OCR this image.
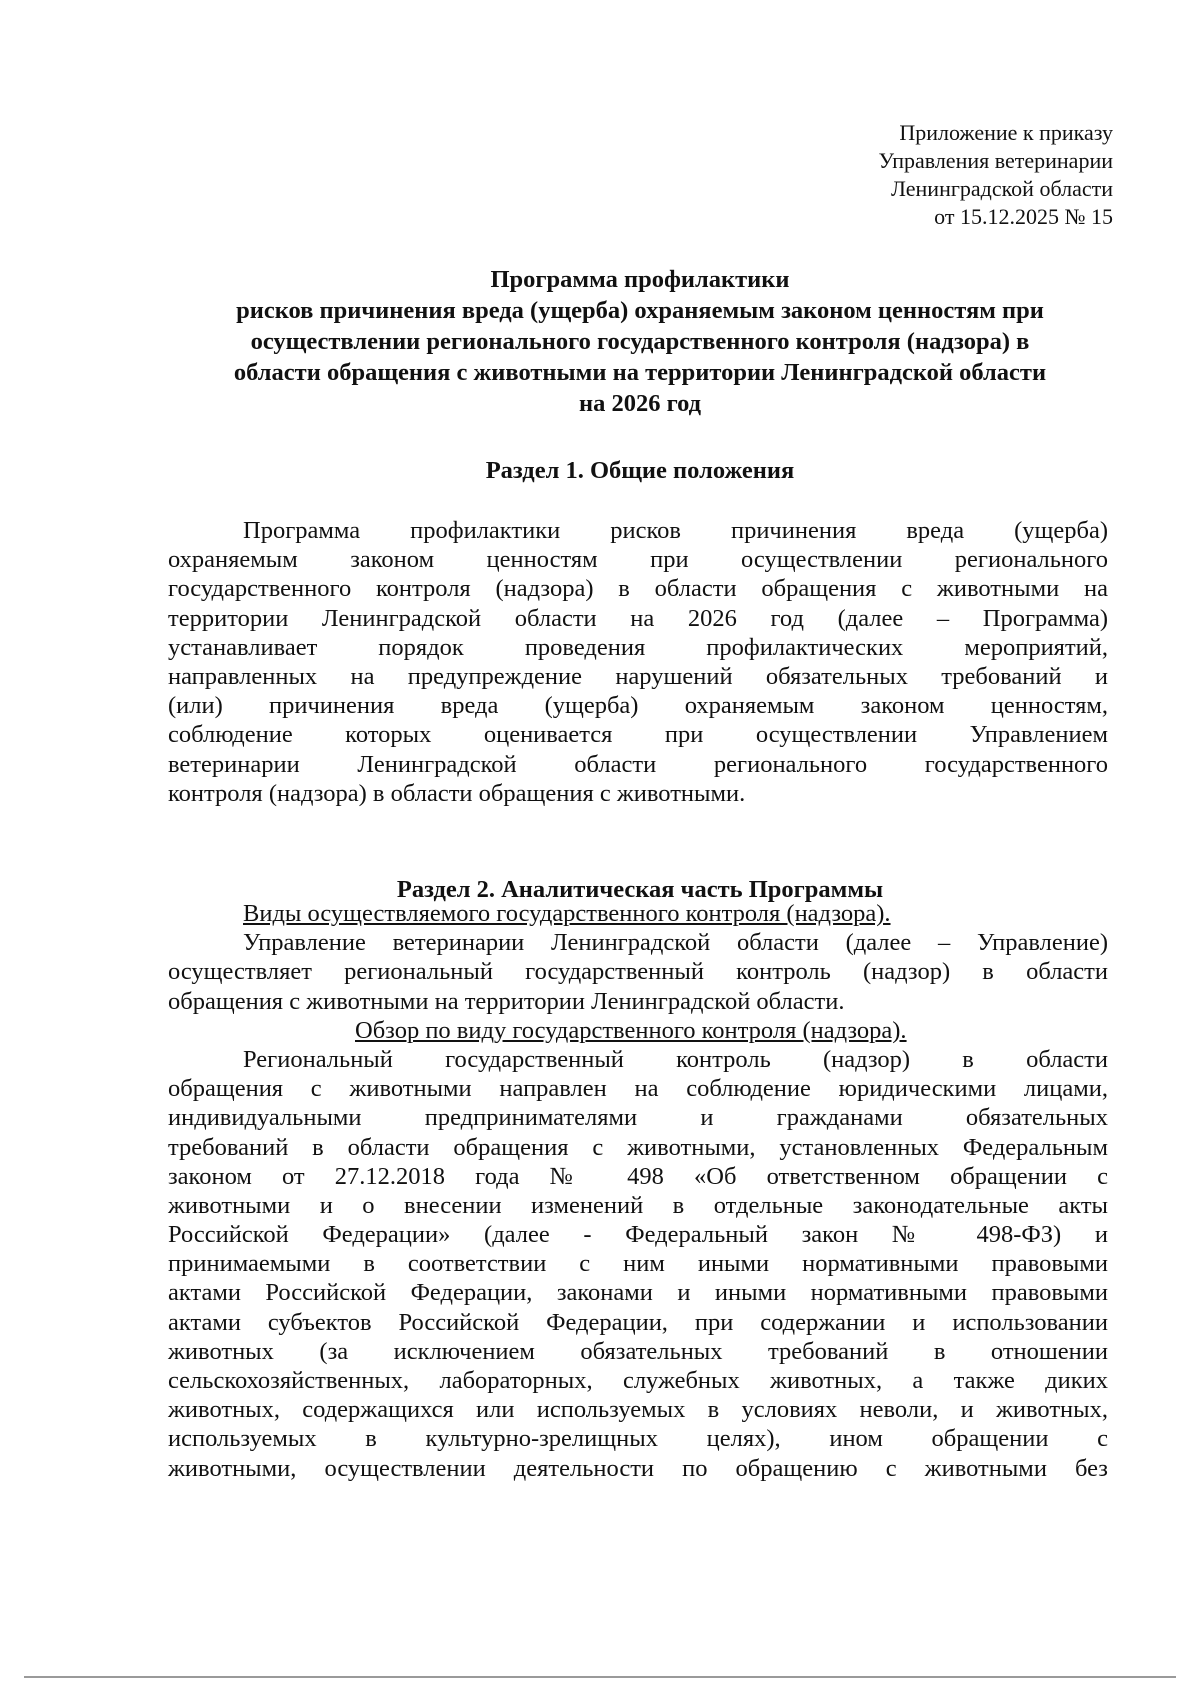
Приложение к приказу
Управления ветеринарии
Ленинградской области
от 15.12.2025 № 15
Программа профилактики
рисков причинения вреда (ущерба) охраняемым законом ценностям при
осуществлении регионального государственного контроля (надзора) в
области обращения с животными на территории Ленинградской области
на 2026 год
Раздел 1. Общие положения
Программа профилактики рисков причинения вреда (ущерба)
охраняемым законом ценностям при осуществлении регионального
государственного контроля (надзора) в области обращения с животными на
территории Ленинградской области на 2026 год (далее – Программа)
устанавливает порядок проведения профилактических мероприятий,
направленных на предупреждение нарушений обязательных требований и
(или) причинения вреда (ущерба) охраняемым законом ценностям,
соблюдение которых оценивается при осуществлении Управлением
ветеринарии Ленинградской области регионального государственного
контроля (надзора) в области обращения с животными.
Раздел 2. Аналитическая часть Программы
Виды осуществляемого государственного контроля (надзора).
Управление ветеринарии Ленинградской области (далее – Управление)
осуществляет региональный государственный контроль (надзор) в области
обращения с животными на территории Ленинградской области.
Обзор по виду государственного контроля (надзора).
Региональный государственный контроль (надзор) в области
обращения с животными направлен на соблюдение юридическими лицами,
индивидуальными предпринимателями и гражданами обязательных
требований в области обращения с животными, установленных Федеральным
законом от 27.12.2018 года № 498 «Об ответственном обращении с
животными и о внесении изменений в отдельные законодательные акты
Российской Федерации» (далее - Федеральный закон № 498-ФЗ) и
принимаемыми в соответствии с ним иными нормативными правовыми
актами Российской Федерации, законами и иными нормативными правовыми
актами субъектов Российской Федерации, при содержании и использовании
животных (за исключением обязательных требований в отношении
сельскохозяйственных, лабораторных, служебных животных, а также диких
животных, содержащихся или используемых в условиях неволи, и животных,
используемых в культурно-зрелищных целях), ином обращении с
животными, осуществлении деятельности по обращению с животными без
